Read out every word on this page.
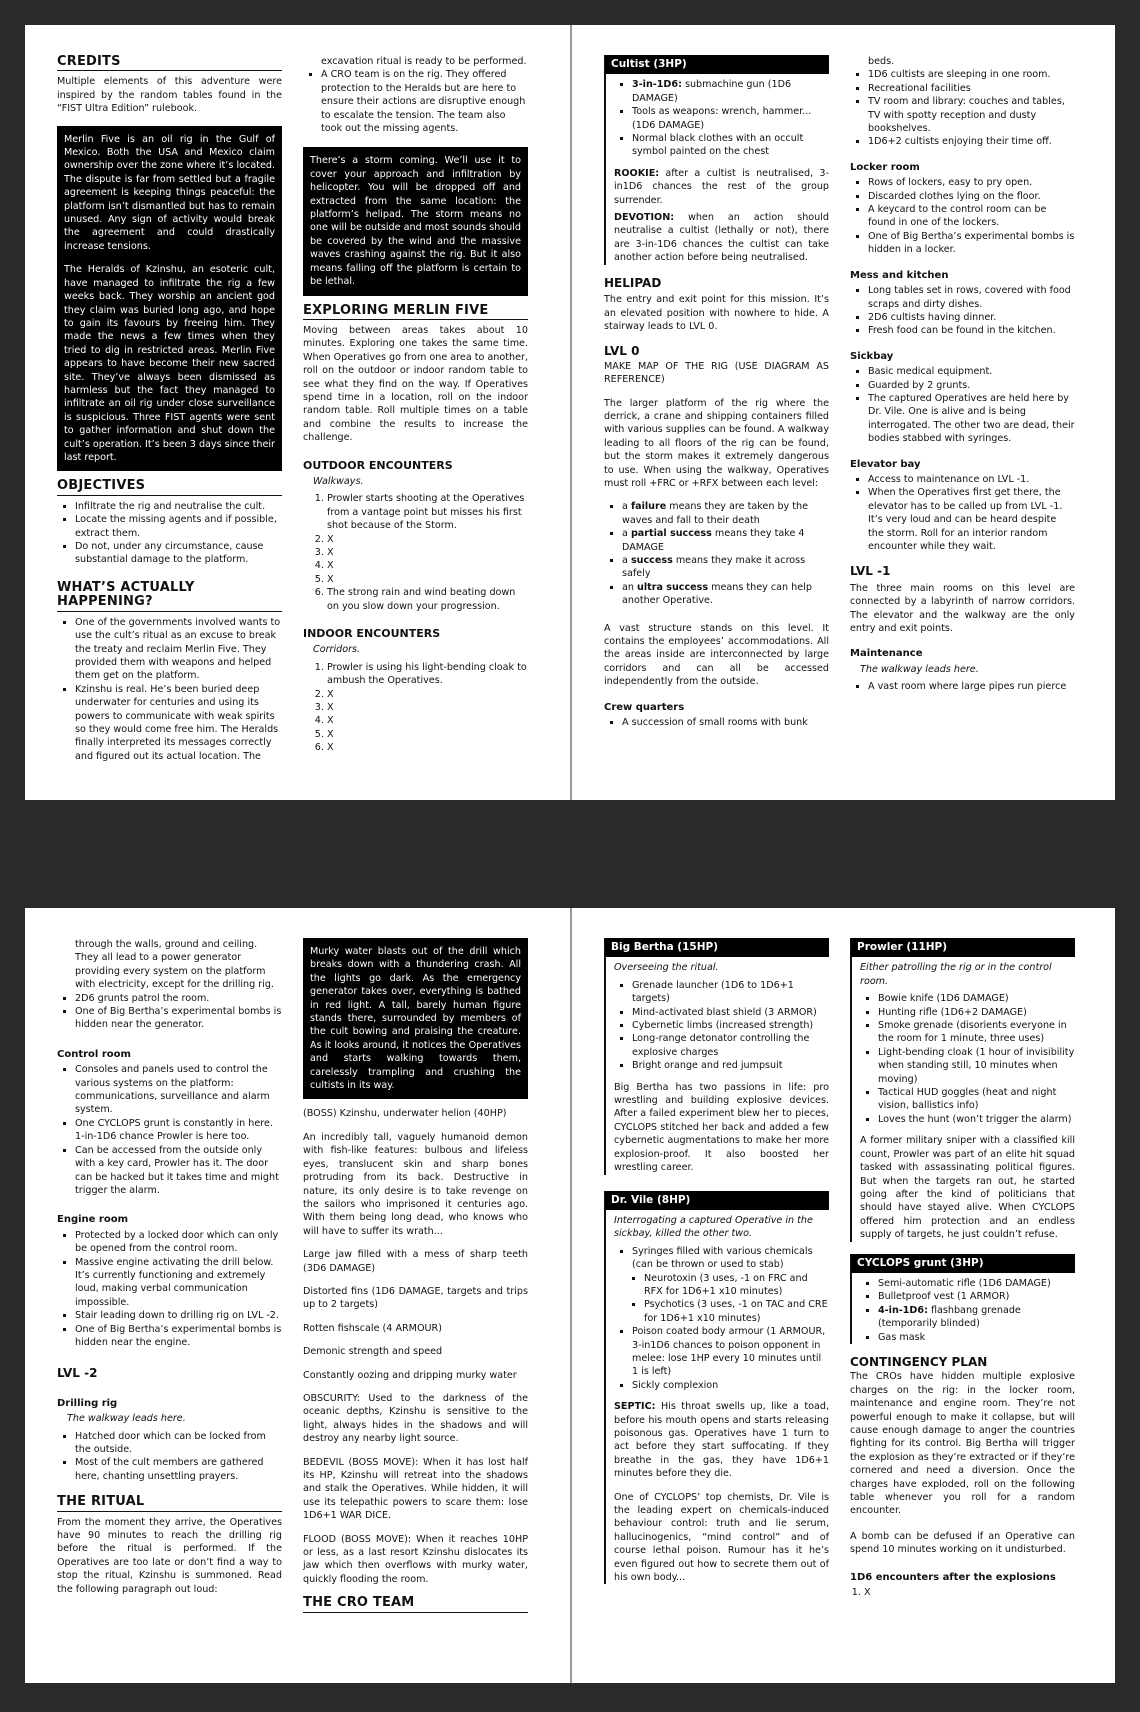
CREDITS

Multiple elements of this adventure were inspired by the random tables found in the “FIST Ultra Edition” rulebook.

Merlin Five is an oil rig in the Gulf of Mexico. Both the USA and Mexico claim ownership over the zone where it’s located. The dispute is far from settled but a fragile agreement is keeping things peaceful: the platform isn’t dismantled but has to remain unused. Any sign of activity would break the agreement and could drastically increase tensions.

The Heralds of Kzinshu, an esoteric cult, have managed to infiltrate the rig a few weeks back. They worship an ancient god they claim was buried long ago, and hope to gain its favours by freeing him. They made the news a few times when they tried to dig in restricted areas. Merlin Five appears to have become their new sacred site. They’ve always been dismissed as harmless but the fact they managed to infiltrate an oil rig under close surveillance is suspicious. Three FIST agents were sent to gather information and shut down the cult’s operation. It’s been 3 days since their last report.

OBJECTIVES
▪ Infiltrate the rig and neutralise the cult.
▪ Locate the missing agents and if possible, extract them.
▪ Do not, under any circumstance, cause substantial damage to the platform.
WHAT’S ACTUALLY
HAPPENING?
▪ One of the governments involved wants to use the cult’s ritual as an excuse to break the treaty and reclaim Merlin Five. They provided them with weapons and helped them get on the platform.
▪ Kzinshu is real. He’s been buried deep underwater for centuries and using its powers to communicate with weak spirits so they would come free him. The Heralds finally interpreted its messages correctly and figured out its actual location. The
excavation ritual is ready to be performed.
▪ A CRO team is on the rig. They offered protection to the Heralds but are here to ensure their actions are disruptive enough to escalate the tension. The team also took out the missing agents.

There’s a storm coming. We’ll use it to cover your approach and infiltration by helicopter. You will be dropped off and extracted from the same location: the platform’s helipad. The storm means no one will be outside and most sounds should be covered by the wind and the massive waves crashing against the rig. But it also means falling off the platform is certain to be lethal.

EXPLORING MERLIN FIVE

Moving between areas takes about 10 minutes. Exploring one takes the same time. When Operatives go from one area to another, roll on the outdoor or indoor random table to see what they find on the way. If Operatives spend time in a location, roll on the indoor random table. Roll multiple times on a table and combine the results to increase the challenge.

OUTDOOR ENCOUNTERS
Walkways.
1. Prowler starts shooting at the Operatives from a vantage point but misses his first shot because of the Storm.
2. X
3. X
4. X
5. X
6. The strong rain and wind beating down on you slow down your progression.
INDOOR ENCOUNTERS
Corridors.
1. Prowler is using his light-bending cloak to ambush the Operatives.
2. X
3. X
4. X
5. X
6. X
Cultist (3HP)
▪ 3-in-1D6: submachine gun (1D6 DAMAGE)
▪ Tools as weapons: wrench, hammer... (1D6 DAMAGE)
▪ Normal black clothes with an occult symbol painted on the chest

ROOKIE: after a cultist is neutralised, 3-in1D6 chances the rest of the group surrender.

DEVOTION: when an action should neutralise a cultist (lethally or not), there are 3-in-1D6 chances the cultist can take another action before being neutralised.

HELIPAD

The entry and exit point for this mission. It’s an elevated position with nowhere to hide. A stairway leads to LVL 0.

LVL 0

MAKE MAP OF THE RIG (USE DIAGRAM AS REFERENCE)

The larger platform of the rig where the derrick, a crane and shipping containers filled with various supplies can be found. A walkway leading to all floors of the rig can be found, but the storm makes it extremely dangerous to use. When using the walkway, Operatives must roll +FRC or +RFX between each level:

▪ a failure means they are taken by the waves and fall to their death
▪ a partial success means they take 4 DAMAGE
▪ a success means they make it across safely
▪ an ultra success means they can help another Operative.

A vast structure stands on this level. It contains the employees’ accommodations. All the areas inside are interconnected by large corridors and can all be accessed independently from the outside.

Crew quarters
▪ A succession of small rooms with bunk
beds.
▪ 1D6 cultists are sleeping in one room.
▪ Recreational facilities
▪ TV room and library: couches and tables, TV with spotty reception and dusty bookshelves.
▪ 1D6+2 cultists enjoying their time off.
Locker room
▪ Rows of lockers, easy to pry open.
▪ Discarded clothes lying on the floor.
▪ A keycard to the control room can be found in one of the lockers.
▪ One of Big Bertha’s experimental bombs is hidden in a locker.
Mess and kitchen
▪ Long tables set in rows, covered with food scraps and dirty dishes.
▪ 2D6 cultists having dinner.
▪ Fresh food can be found in the kitchen.
Sickbay
▪ Basic medical equipment.
▪ Guarded by 2 grunts.
▪ The captured Operatives are held here by Dr. Vile. One is alive and is being interrogated. The other two are dead, their bodies stabbed with syringes.
Elevator bay
▪ Access to maintenance on LVL -1.
▪ When the Operatives first get there, the elevator has to be called up from LVL -1. It’s very loud and can be heard despite the storm. Roll for an interior random encounter while they wait.
LVL -1

The three main rooms on this level are connected by a labyrinth of narrow corridors. The elevator and the walkway are the only entry and exit points.

Maintenance
The walkway leads here.
▪ A vast room where large pipes run pierce
through the walls, ground and ceiling. They all lead to a power generator providing every system on the platform with electricity, except for the drilling rig.
▪ 2D6 grunts patrol the room.
▪ One of Big Bertha’s experimental bombs is hidden near the generator.
Control room
▪ Consoles and panels used to control the various systems on the platform: communications, surveillance and alarm system.
▪ One CYCLOPS grunt is constantly in here. 1-in-1D6 chance Prowler is here too.
▪ Can be accessed from the outside only with a key card, Prowler has it. The door can be hacked but it takes time and might trigger the alarm.
Engine room
▪ Protected by a locked door which can only be opened from the control room.
▪ Massive engine activating the drill below. It’s currently functioning and extremely loud, making verbal communication impossible.
▪ Stair leading down to drilling rig on LVL -2.
▪ One of Big Bertha’s experimental bombs is hidden near the engine.
LVL -2
Drilling rig
The walkway leads here.
▪ Hatched door which can be locked from the outside.
▪ Most of the cult members are gathered here, chanting unsettling prayers.
THE RITUAL

From the moment they arrive, the Operatives have 90 minutes to reach the drilling rig before the ritual is performed. If the Operatives are too late or don’t find a way to stop the ritual, Kzinshu is summoned. Read the following paragraph out loud:

Murky water blasts out of the drill which breaks down with a thundering crash. All the lights go dark. As the emergency generator takes over, everything is bathed in red light. A tall, barely human figure stands there, surrounded by members of the cult bowing and praising the creature. As it looks around, it notices the Operatives and starts walking towards them, carelessly trampling and crushing the cultists in its way.

(BOSS) Kzinshu, underwater helion (40HP)

An incredibly tall, vaguely humanoid demon with fish-like features: bulbous and lifeless eyes, translucent skin and sharp bones protruding from its back. Destructive in nature, its only desire is to take revenge on the sailors who imprisoned it centuries ago. With them being long dead, who knows who will have to suffer its wrath...

Large jaw filled with a mess of sharp teeth (3D6 DAMAGE)

Distorted fins (1D6 DAMAGE, targets and trips up to 2 targets)

Rotten fishscale (4 ARMOUR)

Demonic strength and speed

Constantly oozing and dripping murky water

OBSCURITY: Used to the darkness of the oceanic depths, Kzinshu is sensitive to the light, always hides in the shadows and will destroy any nearby light source.

BEDEVIL (BOSS MOVE): When it has lost half its HP, Kzinshu will retreat into the shadows and stalk the Operatives. While hidden, it will use its telepathic powers to scare them: lose 1D6+1 WAR DICE.

FLOOD (BOSS MOVE): When it reaches 10HP or less, as a last resort Kzinshu dislocates its jaw which then overflows with murky water, quickly flooding the room.

THE CRO TEAM
Big Bertha (15HP)
Overseeing the ritual.
▪ Grenade launcher (1D6 to 1D6+1 targets)
▪ Mind-activated blast shield (3 ARMOR)
▪ Cybernetic limbs (increased strength)
▪ Long-range detonator controlling the explosive charges
▪ Bright orange and red jumpsuit

Big Bertha has two passions in life: pro wrestling and building explosive devices. After a failed experiment blew her to pieces, CYCLOPS stitched her back and added a few cybernetic augmentations to make her more explosion-proof. It also boosted her wrestling career.

Dr. Vile (8HP)
Interrogating a captured Operative in the sickbay, killed the other two.
▪ Syringes filled with various chemicals (can be thrown or used to stab)
▪ Neurotoxin (3 uses, -1 on FRC and RFX for 1D6+1 x10 minutes)
▪ Psychotics (3 uses, -1 on TAC and CRE for 1D6+1 x10 minutes)
▪ Poison coated body armour (1 ARMOUR, 3-in1D6 chances to poison opponent in melee: lose 1HP every 10 minutes until 1 is left)
▪ Sickly complexion

SEPTIC: His throat swells up, like a toad, before his mouth opens and starts releasing poisonous gas. Operatives have 1 turn to act before they start suffocating. If they breathe in the gas, they have 1D6+1 minutes before they die.

One of CYCLOPS’ top chemists, Dr. Vile is the leading expert on chemicals-induced behaviour control: truth and lie serum, hallucinogenics, “mind control” and of course lethal poison. Rumour has it he’s even figured out how to secrete them out of his own body...

Prowler (11HP)
Either patrolling the rig or in the control room.
▪ Bowie knife (1D6 DAMAGE)
▪ Hunting rifle (1D6+2 DAMAGE)
▪ Smoke grenade (disorients everyone in the room for 1 minute, three uses)
▪ Light-bending cloak (1 hour of invisibility when standing still, 10 minutes when moving)
▪ Tactical HUD goggles (heat and night vision, ballistics info)
▪ Loves the hunt (won’t trigger the alarm)

A former military sniper with a classified kill count, Prowler was part of an elite hit squad tasked with assassinating political figures. But when the targets ran out, he started going after the kind of politicians that should have stayed alive. When CYCLOPS offered him protection and an endless supply of targets, he just couldn’t refuse.

CYCLOPS grunt (3HP)
▪ Semi-automatic rifle (1D6 DAMAGE)
▪ Bulletproof vest (1 ARMOR)
▪ 4-in-1D6: flashbang grenade (temporarily blinded)
▪ Gas mask
CONTINGENCY PLAN

The CROs have hidden multiple explosive charges on the rig: in the locker room, maintenance and engine room. They’re not powerful enough to make it collapse, but will cause enough damage to anger the countries fighting for its control. Big Bertha will trigger the explosion as they’re extracted or if they’re cornered and need a diversion. Once the charges have exploded, roll on the following table whenever you roll for a random encounter.

A bomb can be defused if an Operative can spend 10 minutes working on it undisturbed.

1D6 encounters after the explosions
1. X
